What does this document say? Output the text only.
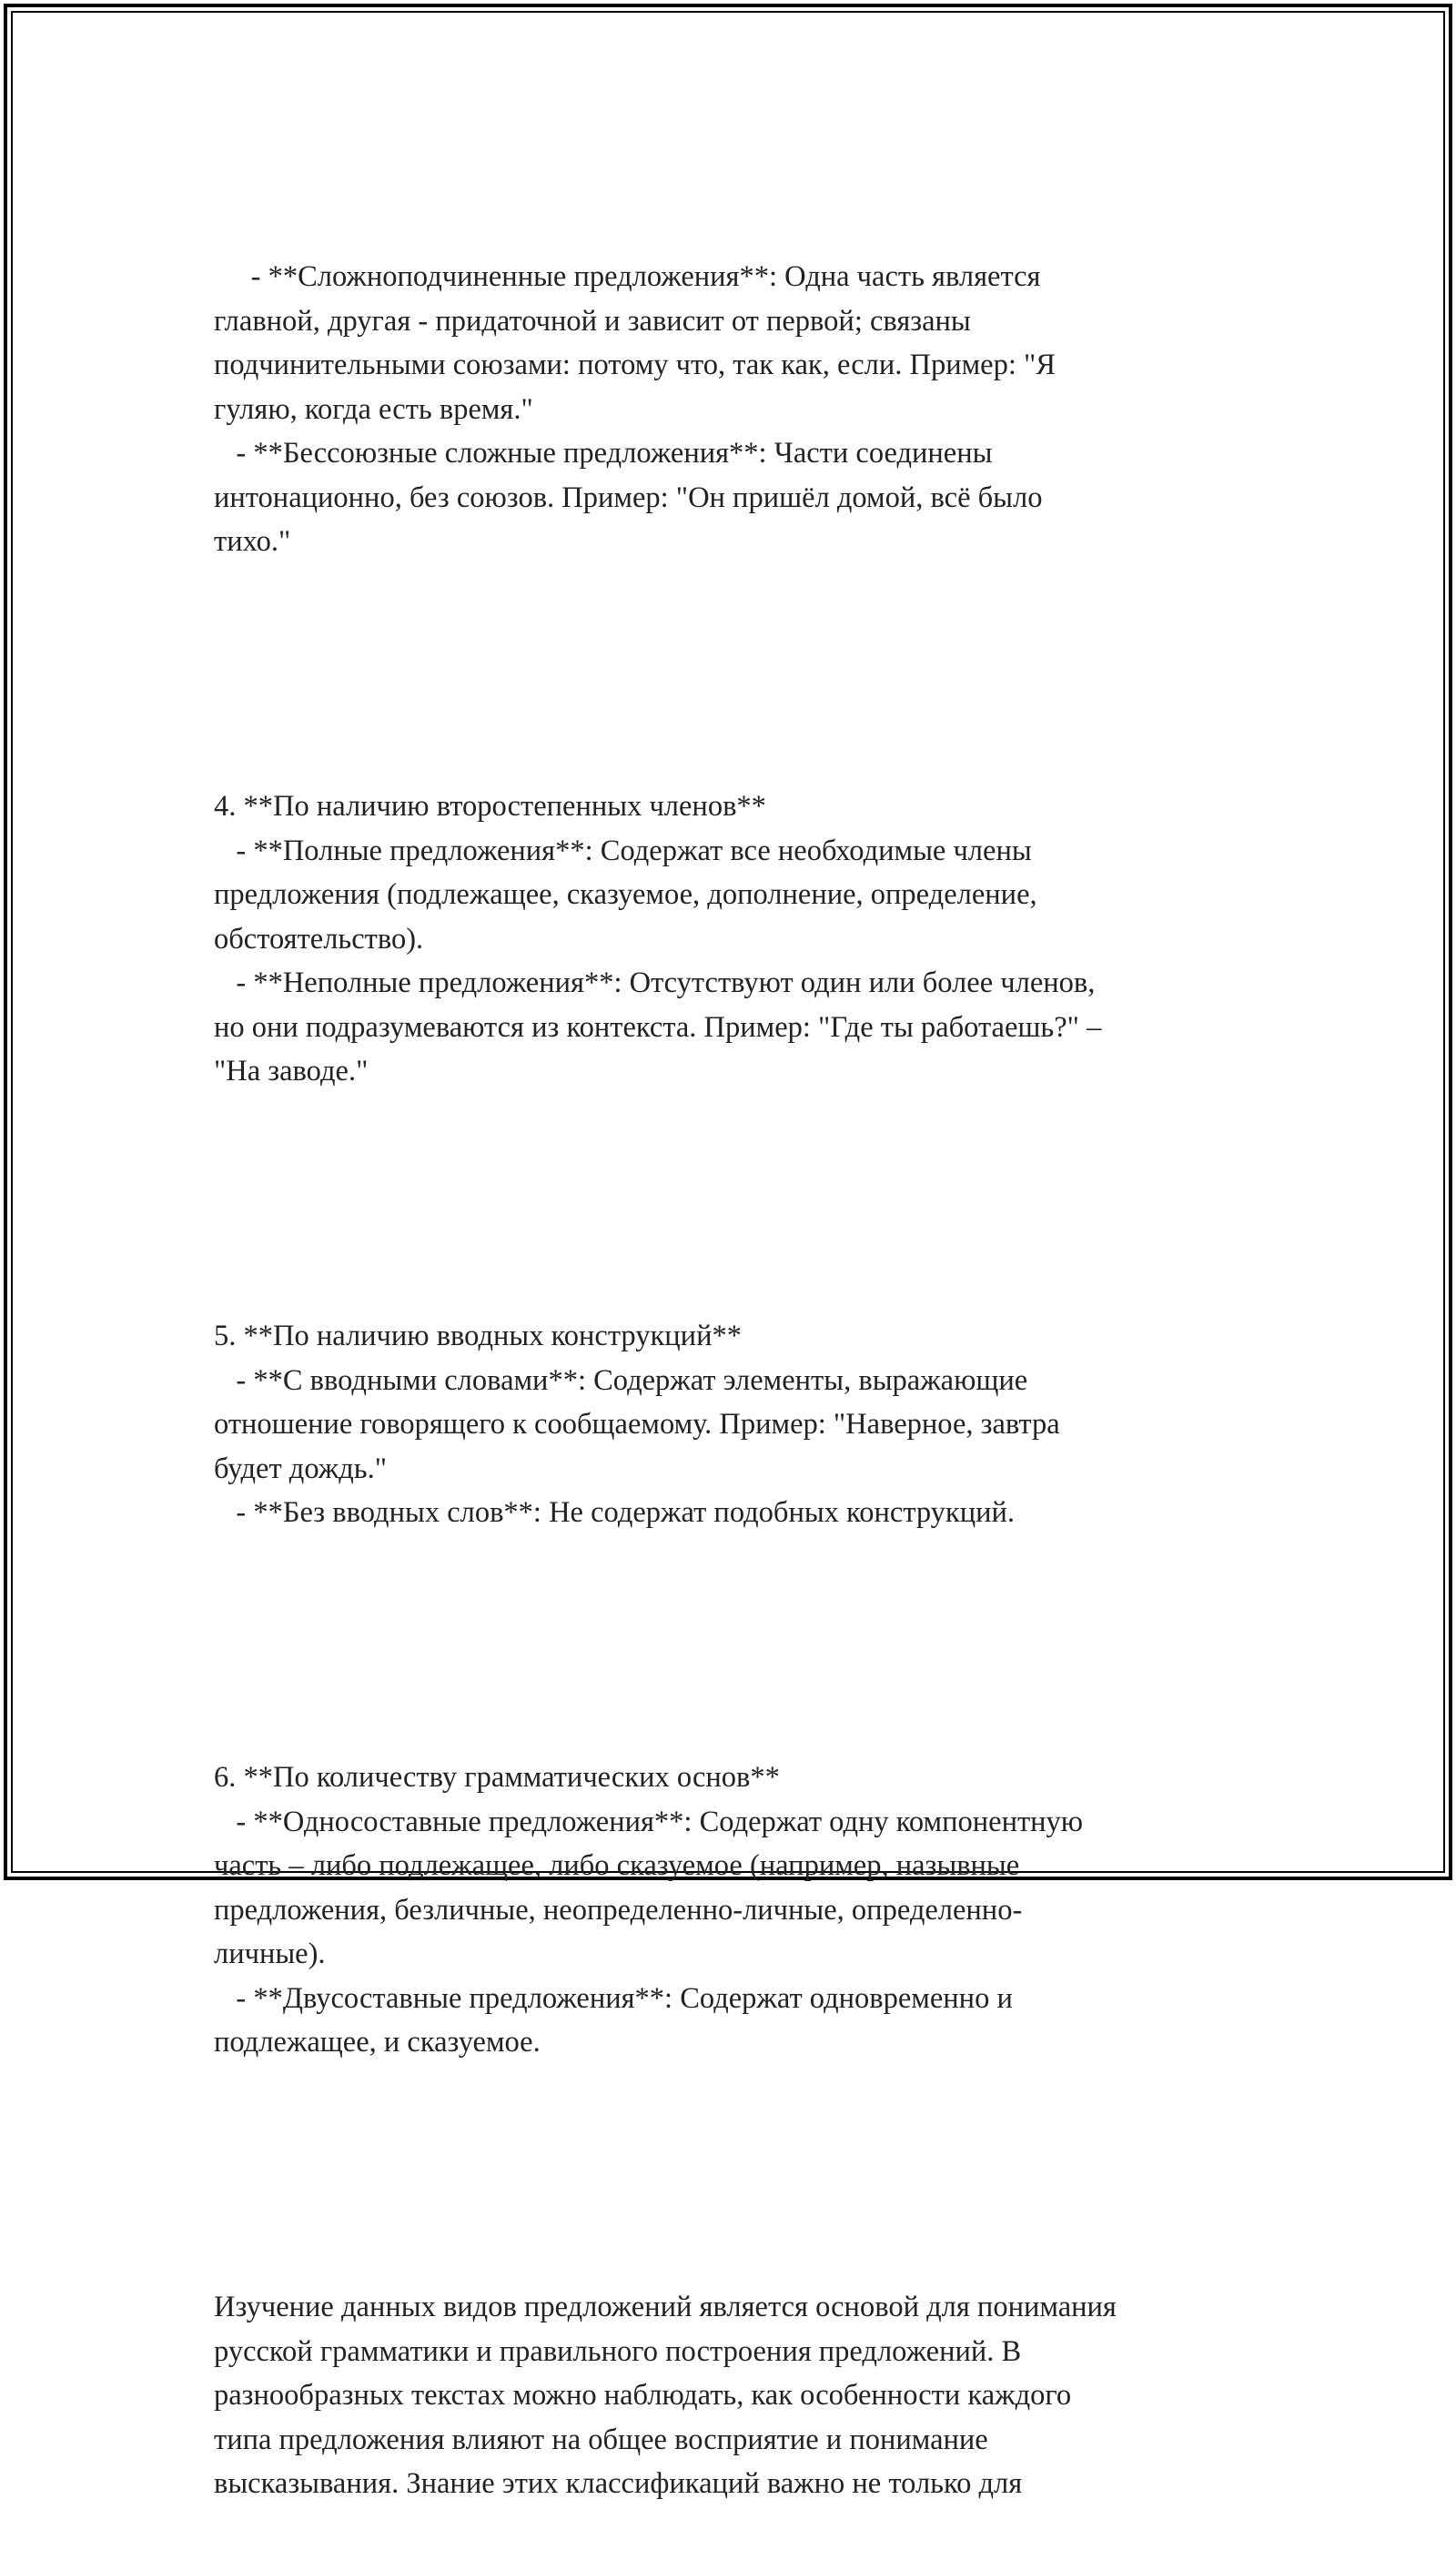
- **Сложноподчиненные предложения**: Одна часть является
главной, другая - придаточной и зависит от первой; связаны
подчинительными союзами: потому что, так как, если. Пример: "Я
гуляю, когда есть время."
- **Бессоюзные сложные предложения**: Части соединены
интонационно, без союзов. Пример: "Он пришёл домой, всё было
тихо."

4. **По наличию второстепенных членов**
- **Полные предложения**: Содержат все необходимые члены
предложения (подлежащее, сказуемое, дополнение, определение,
обстоятельство).
- **Неполные предложения**: Отсутствуют один или более членов,
но они подразумеваются из контекста. Пример: "Где ты работаешь?" –
"На заводе."

5. **По наличию вводных конструкций**
- **С вводными словами**: Содержат элементы, выражающие
отношение говорящего к сообщаемому. Пример: "Наверное, завтра
будет дождь."
- **Без вводных слов**: Не содержат подобных конструкций.

6. **По количеству грамматических основ**
- **Односоставные предложения**: Содержат одну компонентную
часть – либо подлежащее, либо сказуемое (например, назывные
предложения, безличные, неопределенно-личные, определенно-
личные).
- **Двусоставные предложения**: Содержат одновременно и
подлежащее, и сказуемое.

Изучение данных видов предложений является основой для понимания
русской грамматики и правильного построения предложений. В
разнообразных текстах можно наблюдать, как особенности каждого
типа предложения влияют на общее восприятие и понимание
высказывания. Знание этих классификаций важно не только для
